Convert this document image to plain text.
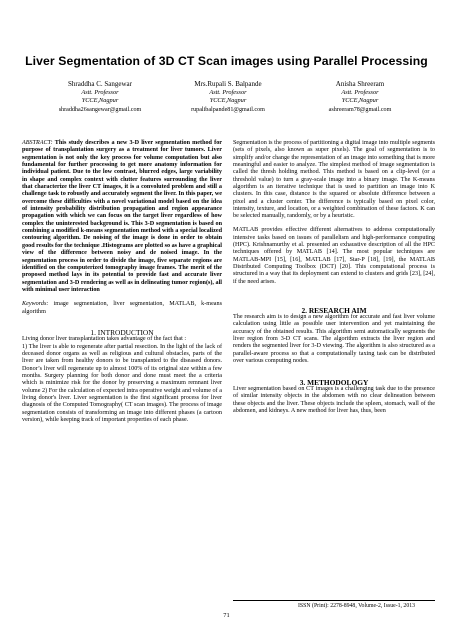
Liver Segmentation of 3D CT Scan images using Parallel Processing
Shraddha C. Sangewar
Astt. Professor
YCCE,Nagpur
shraddha26sangewar@gmail.com
Mrs.Rupali S. Balpande
Astt. Professor
YCCE,Nagpur
rupalibalpande81@gmail.com
Anisha Shreeram
Astt. Professor
YCCE,Nagpur
ashreeram78@gmail.com

ABSTRACT: This study describes a new 3-D liver segmentation method for purpose of transplantation surgery as a treatment for liver tumors. Liver segmentation is not only the key process for volume computation but also fundamental for further processing to get more anatomy information for individual patient. Due to the low contrast, blurred edges, large variability in shape and complex context with clutter features surrounding the liver that characterize the liver CT images, it is a convoluted problem and still a challenge task to robustly and accurately segment the liver. In this paper, we overcome these difficulties with a novel variational model based on the idea of intensity probability distribution propagation and region appearance propagation with which we can focus on the target liver regardless of how complex the uninterested background is. This 3-D segmentation is based on combining a modified k-means segmentation method with a special localized contouring algorithm. De noising of the image is done in order to obtain good results for the technique .Histograms are plotted so as have a graphical view of the difference between noisy and de noised image. In the segmentation process in order to divide the image, five separate regions are identified on the computerized tomography image frames. The merit of the proposed method lays in its potential to provide fast and accurate liver segmentation and 3-D rendering as well as in delineating tumor region(s), all with minimal user interaction

Keywords: image segmentation, liver segmentation, MATLAB, k-means algorithm

1. INTRODUCTION

Living donor liver transplantation takes advantage of the fact that :

1) The liver is able to regenerate after partial resection. In the light of the lack of deceased donor organs as well as religious and cultural obstacles, parts of the liver are taken from healthy donors to be transplanted to the diseased donors. Donor’s liver will regenerate up to almost 100% of its original size within a few months. Surgery planning for both donor and done must meet the a criteria which is minimize risk for the donor by preserving a maximum remnant liver volume 2) For the calculation of expected intra operative weight and volume of a living donor's liver. Liver segmentation is the first significant process for liver diagnosis of the Computed Tomography( CT scan images). The process of image segmentation consists of transforming an image into different phases (a cartoon version), while keeping track of important properties of each phase.

Segmentation is the process of partitioning a digital image into multiple segments (sets of pixels, also known as super pixels). The goal of segmentation is to simplify and/or change the representation of an image into something that is more meaningful and easier to analyze. The simplest method of image segmentation is called the thresh holding method. This method is based on a clip-level (or a threshold value) to turn a gray-scale image into a binary image. The K-means algorithm is an iterative technique that is used to partition an image into K clusters. In this case, distance is the squared or absolute difference between a pixel and a cluster center. The difference is typically based on pixel color, intensity, texture, and location, or a weighted combination of these factors. K can be selected manually, randomly, or by a heuristic.

MATLAB provides effective different alternatives to address computationally intensive tasks based on issues of parallelism and high-performance computing (HPC). Krishnamurthy et al. presented an exhaustive description of all the HPC techniques offered by MATLAB [14]. The most popular techniques are MATLAB-MPI [15], [16], MATLAB [17], Star-P [18], [19], the MATLAB Distributed Computing Toolbox (DCT) [20]. This computational process is structured in a way that its deployment can extend to clusters and grids [23], [24], if the need arises.

2. RESEARCH AIM

The research aim is to design a new algorithm for accurate and fast liver volume calculation using little as possible user intervention and yet maintaining the accuracy of the obtained results. This algorithm semi automatically segments the liver region from 3-D CT scans. The algorithm extracts the liver region and renders the segmented liver for 3-D viewing. The algorithm is also structured as a parallel-aware process so that a computationally taxing task can be distributed over various computing nodes.

3. METHODOLOGY

Liver segmentation based on CT images is a challenging task due to the presence of similar intensity objects in the abdomen with no clear delineation between these objects and the liver. These objects include the spleen, stomach, wall of the abdomen, and kidneys. A new method for liver has, thus, been

ISSN (Print): 2278-8948, Volume-2, Issue-1, 2013
71
